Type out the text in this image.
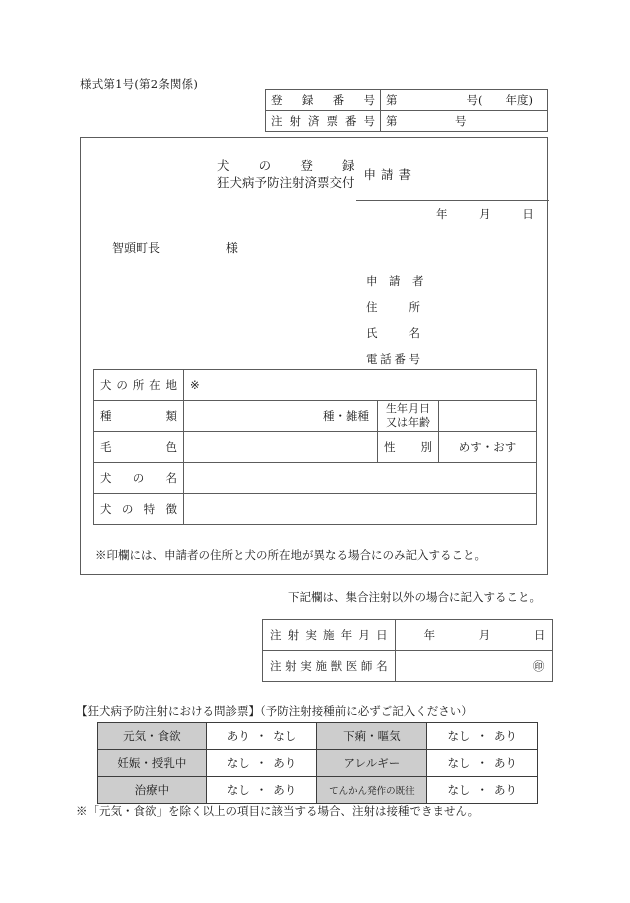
様式第1号(第2条関係)
登　録　番　号	第　　　　　　号(　　年度)
注 射 済 票 番 号	第　　　　　号
犬　の　登　録
狂犬病予防注射済票交付
申請書
年	月	日
智頭町長	様
申　請　者
住　所
氏　名
電話番号
犬 の 所 在 地	※		
種　　　類	種・雑種	生年月日
又は年齢	
毛　　　色		性　　別	めす・おす
犬　の　名			
犬 の 特 徴			
※印欄には、申請者の住所と犬の所在地が異なる場合にのみ記入すること。
下記欄は、集合注射以外の場合に記入すること。
注 射 実 施 年 月 日	年 月 日
注 射 実 施 獣 医 師 名	㊞
【狂犬病予防注射における問診票】（予防注射接種前に必ずご記入ください）
元気・食欲	あり ・ なし	下痢・嘔気	なし ・ あり
妊娠・授乳中	なし ・ あり	アレルギー	なし ・ あり
治療中	なし ・ あり	てんかん発作の既往	なし ・ あり
※「元気・食欲」を除く以上の項目に該当する場合、注射は接種できません。
